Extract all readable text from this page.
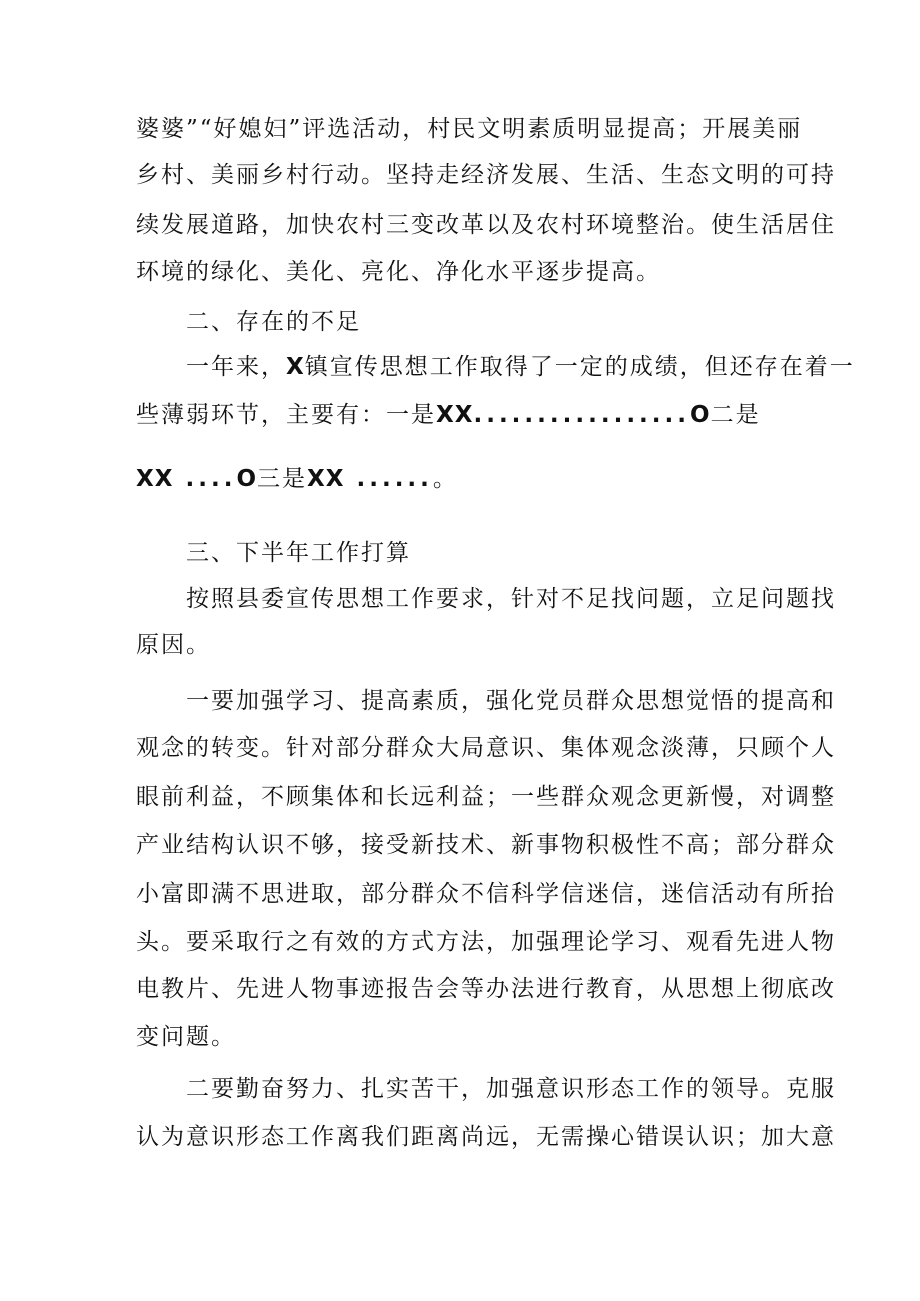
婆婆”“好媳妇”评选活动，村民文明素质明显提高；开展美丽
乡村、美丽乡村行动。坚持走经济发展、生活、生态文明的可持
续发展道路，加快农村三变改革以及农村环境整治。使生活居住
环境的绿化、美化、亮化、净化水平逐步提高。
二、存在的不足
一年来，X镇宣传思想工作取得了一定的成绩，但还存在着一
些薄弱环节，主要有：一是XX.................O二是
XX ....O三是XX ......。
三、下半年工作打算
按照县委宣传思想工作要求，针对不足找问题，立足问题找
原因。
一要加强学习、提高素质，强化党员群众思想觉悟的提高和
观念的转变。针对部分群众大局意识、集体观念淡薄，只顾个人
眼前利益，不顾集体和长远利益；一些群众观念更新慢，对调整
产业结构认识不够，接受新技术、新事物积极性不高；部分群众
小富即满不思进取，部分群众不信科学信迷信，迷信活动有所抬
头。要采取行之有效的方式方法，加强理论学习、观看先进人物
电教片、先进人物事迹报告会等办法进行教育，从思想上彻底改
变问题。
二要勤奋努力、扎实苦干，加强意识形态工作的领导。克服
认为意识形态工作离我们距离尚远，无需操心错误认识；加大意
